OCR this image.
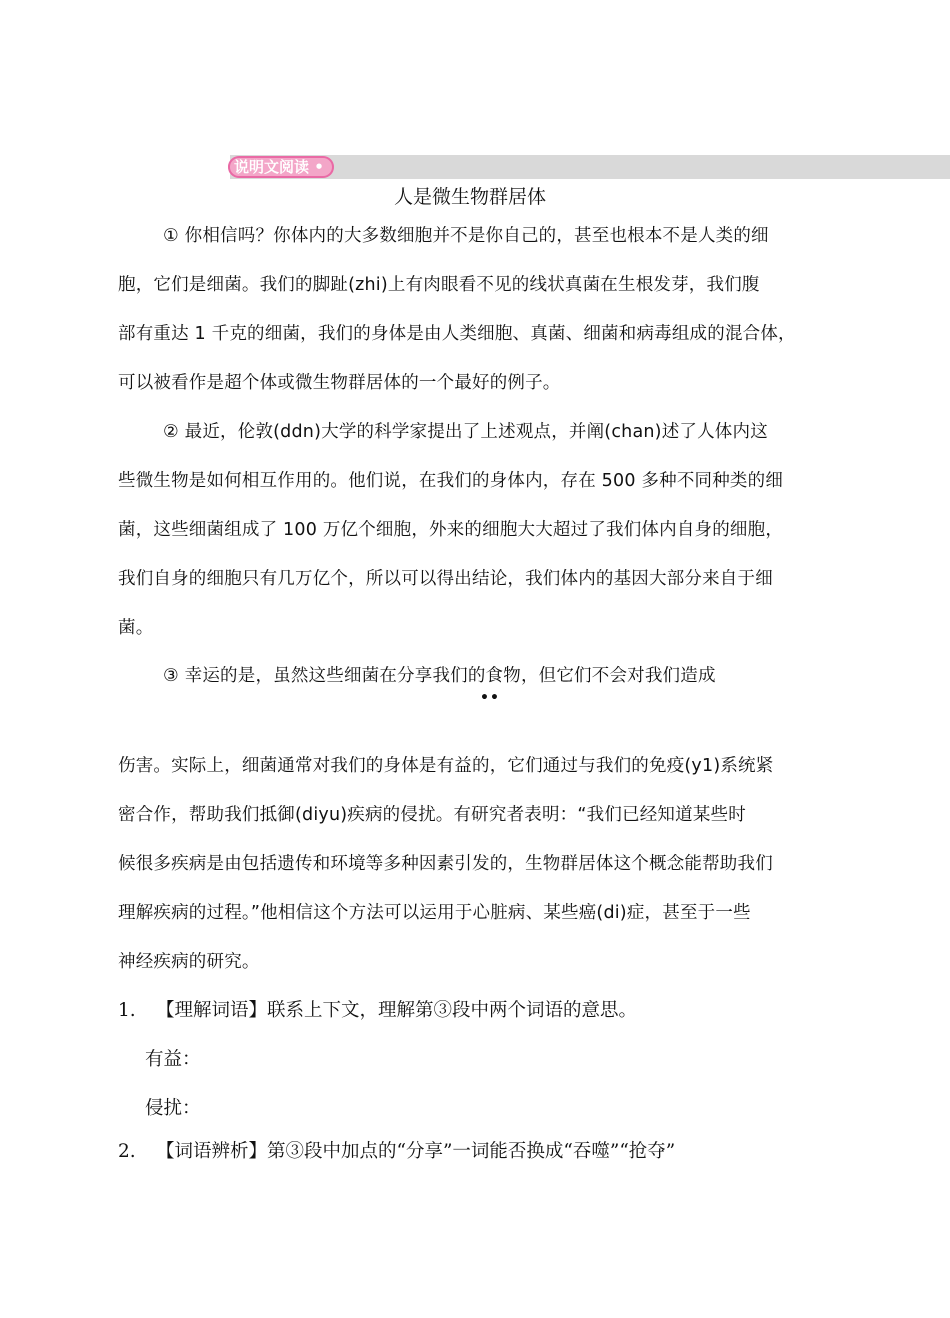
说明文阅读 •
人是微生物群居体
① 你相信吗？你体内的大多数细胞并不是你自己的，甚至也根本不是人类的细
胞，它们是细菌。我们的脚趾(zhi)上有肉眼看不见的线状真菌在生根发芽，我们腹
部有重达 1 千克的细菌，我们的身体是由人类细胞、真菌、细菌和病毒组成的混合体，
可以被看作是超个体或微生物群居体的一个最好的例子。
② 最近，伦敦(ddn)大学的科学家提出了上述观点，并阐(chan)述了人体内这
些微生物是如何相互作用的。他们说，在我们的身体内，存在 500 多种不同种类的细
菌，这些细菌组成了 100 万亿个细胞，外来的细胞大大超过了我们体内自身的细胞，
我们自身的细胞只有几万亿个，所以可以得出结论，我们体内的基因大部分来自于细
菌。
③ 幸运的是，虽然这些细菌在分享我们的食物，但它们不会对我们造成
••
伤害。实际上，细菌通常对我们的身体是有益的，它们通过与我们的免疫(y1)系统紧
密合作，帮助我们抵御(diyu)疾病的侵扰。有研究者表明：“我们已经知道某些时
候很多疾病是由包括遗传和环境等多种因素引发的，生物群居体这个概念能帮助我们
理解疾病的过程。”他相信这个方法可以运用于心脏病、某些癌(di)症，甚至于一些
神经疾病的研究。
1. 【理解词语】联系上下文，理解第③段中两个词语的意思。
有益：
侵扰：
2. 【词语辨析】第③段中加点的“分享”一词能否换成“吞噬”“抢夺”
